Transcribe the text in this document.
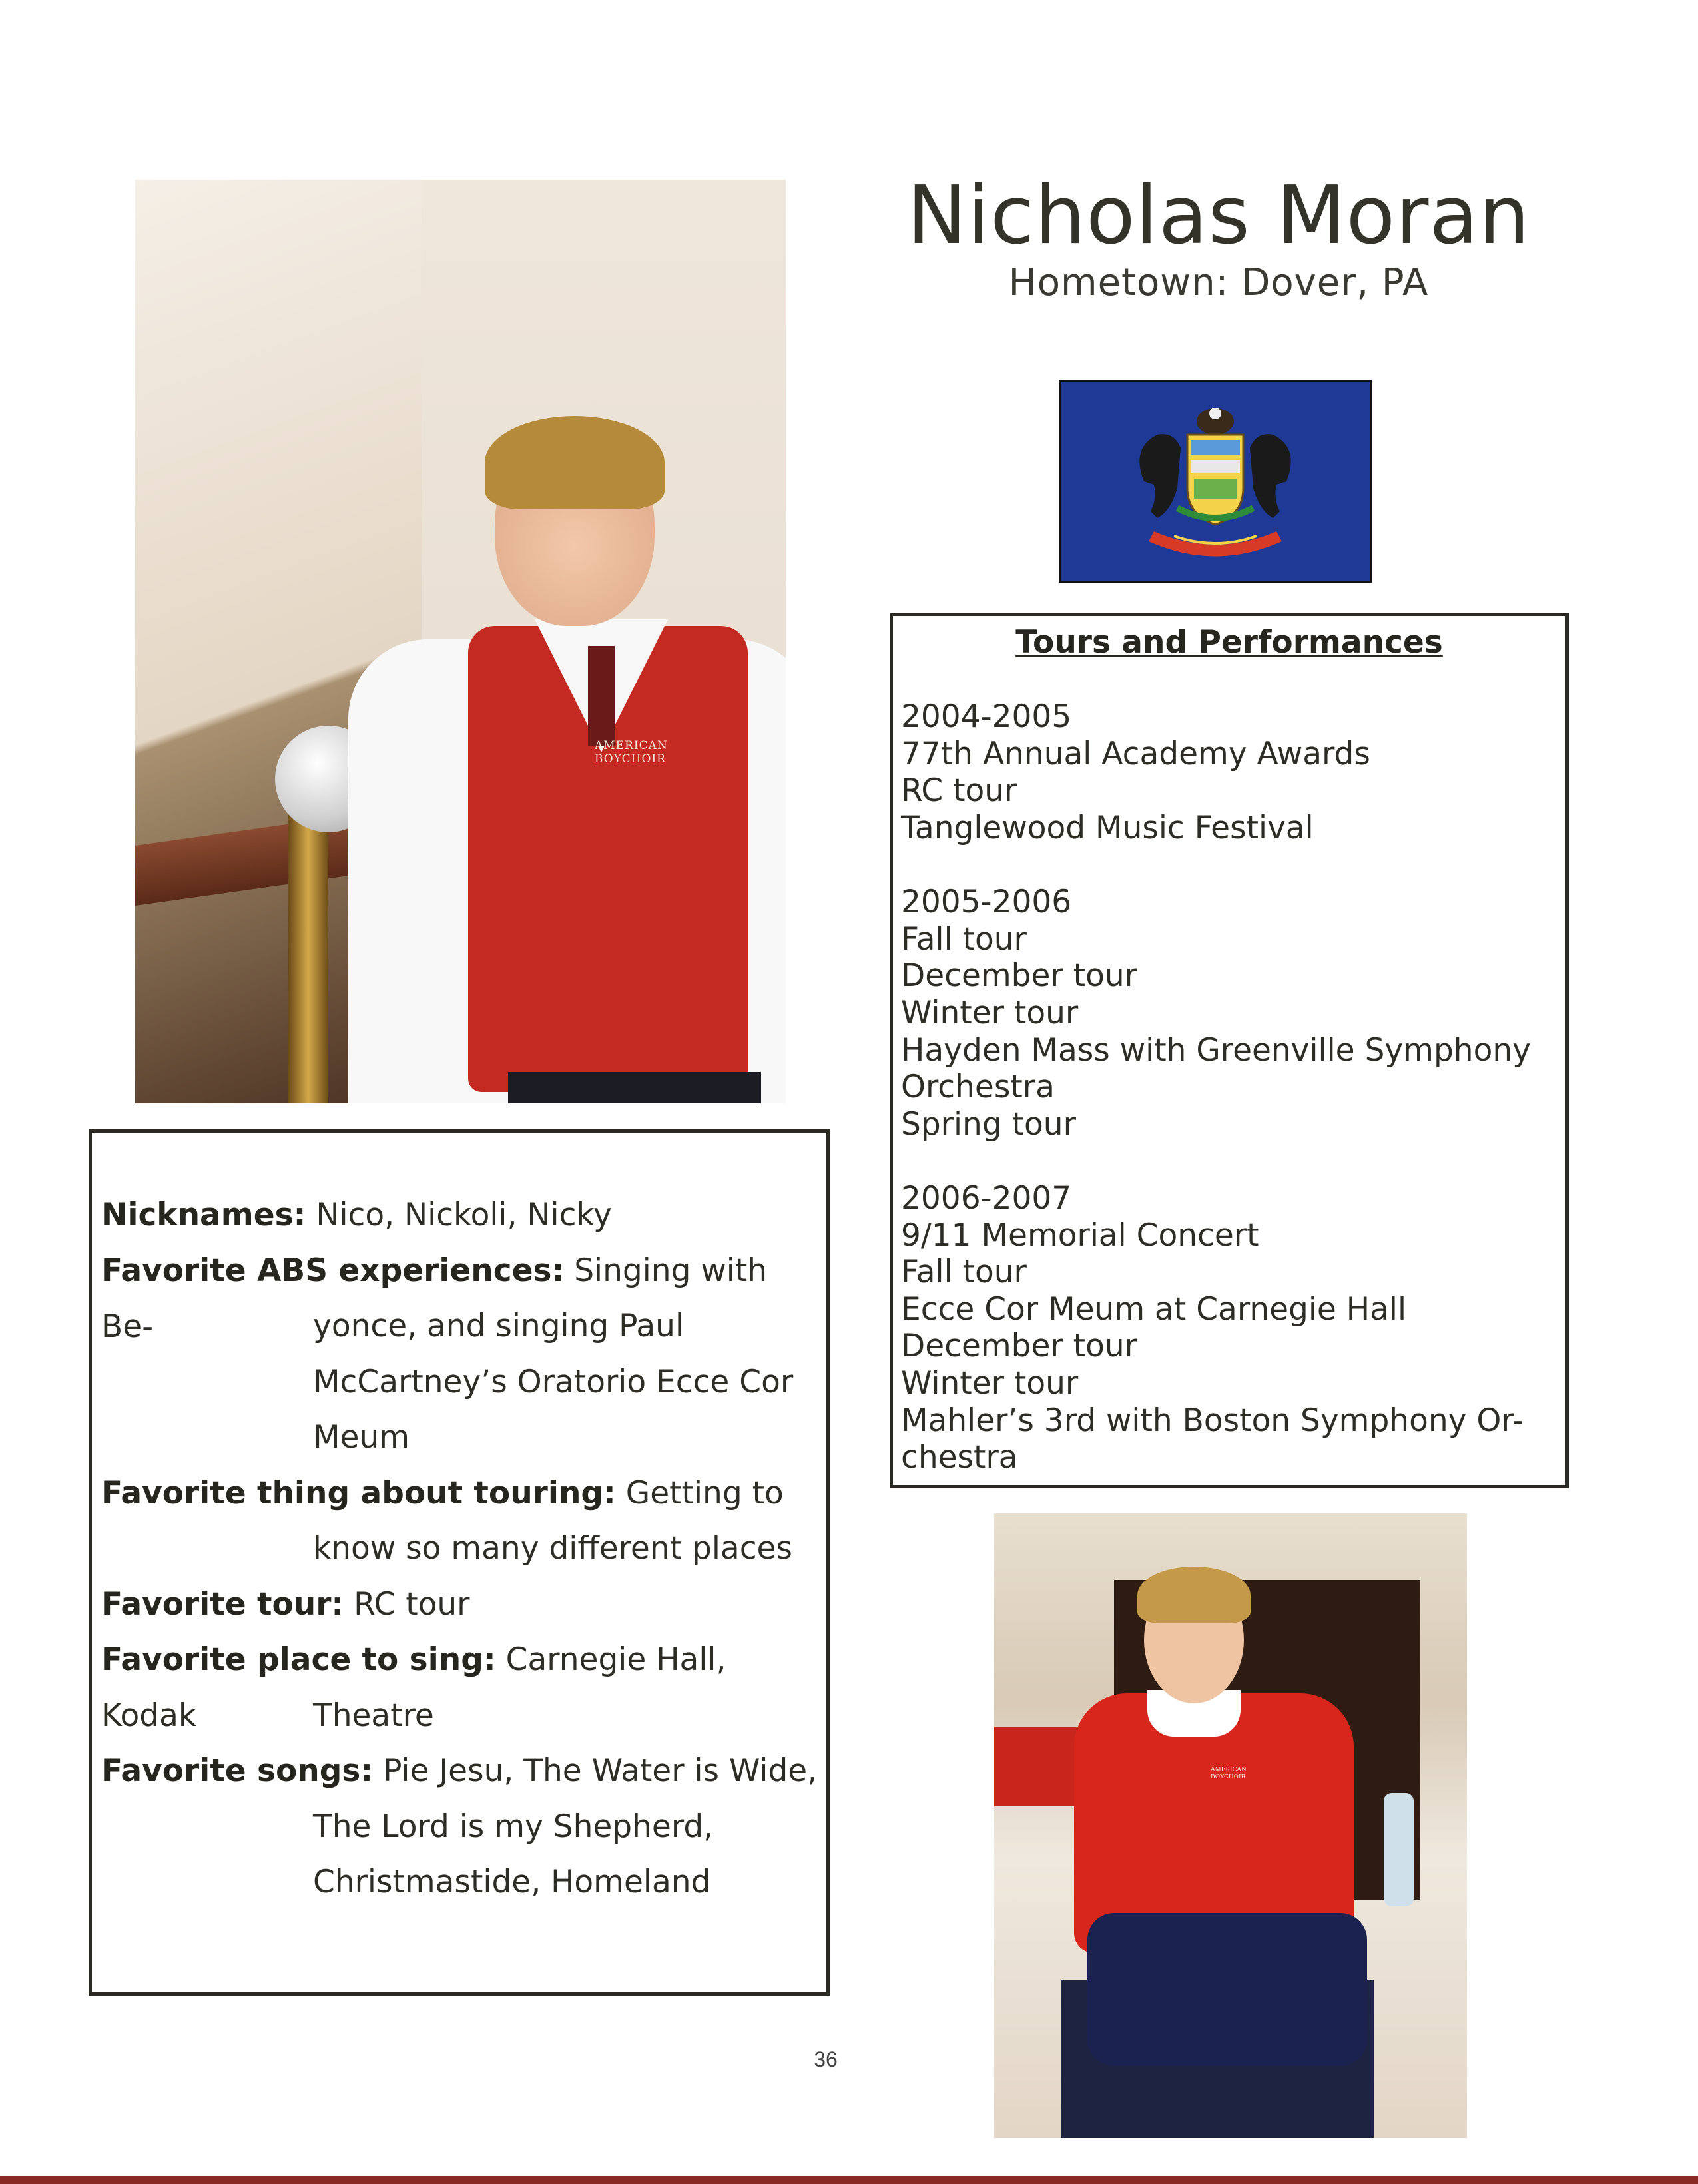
Nicholas Moran
Hometown: Dover, PA
AMERICAN
BOYCHOIR
Tours and Performances
2004-2005
77th Annual Academy Awards
RC tour
Tanglewood Music Festival
2005-2006
Fall tour
December tour
Winter tour
Hayden Mass with Greenville Symphony
Orchestra
Spring tour
2006-2007
9/11 Memorial Concert
Fall tour
Ecce Cor Meum at Carnegie Hall
December tour
Winter tour
Mahler’s 3rd with Boston Symphony Or-
chestra
Nicknames: Nico, Nickoli, Nicky
Favorite ABS experiences: Singing with Be-	yonce, and singing Paul
McCartney’s Oratorio Ecce Cor
Meum
Favorite thing about touring: Getting to
know so many different places
Favorite tour: RC tour
Favorite place to sing: Carnegie Hall, Kodak	Theatre
Favorite songs: Pie Jesu, The Water is Wide,
The Lord is my Shepherd,
Christmastide, Homeland
AMERICAN
BOYCHOIR
36
